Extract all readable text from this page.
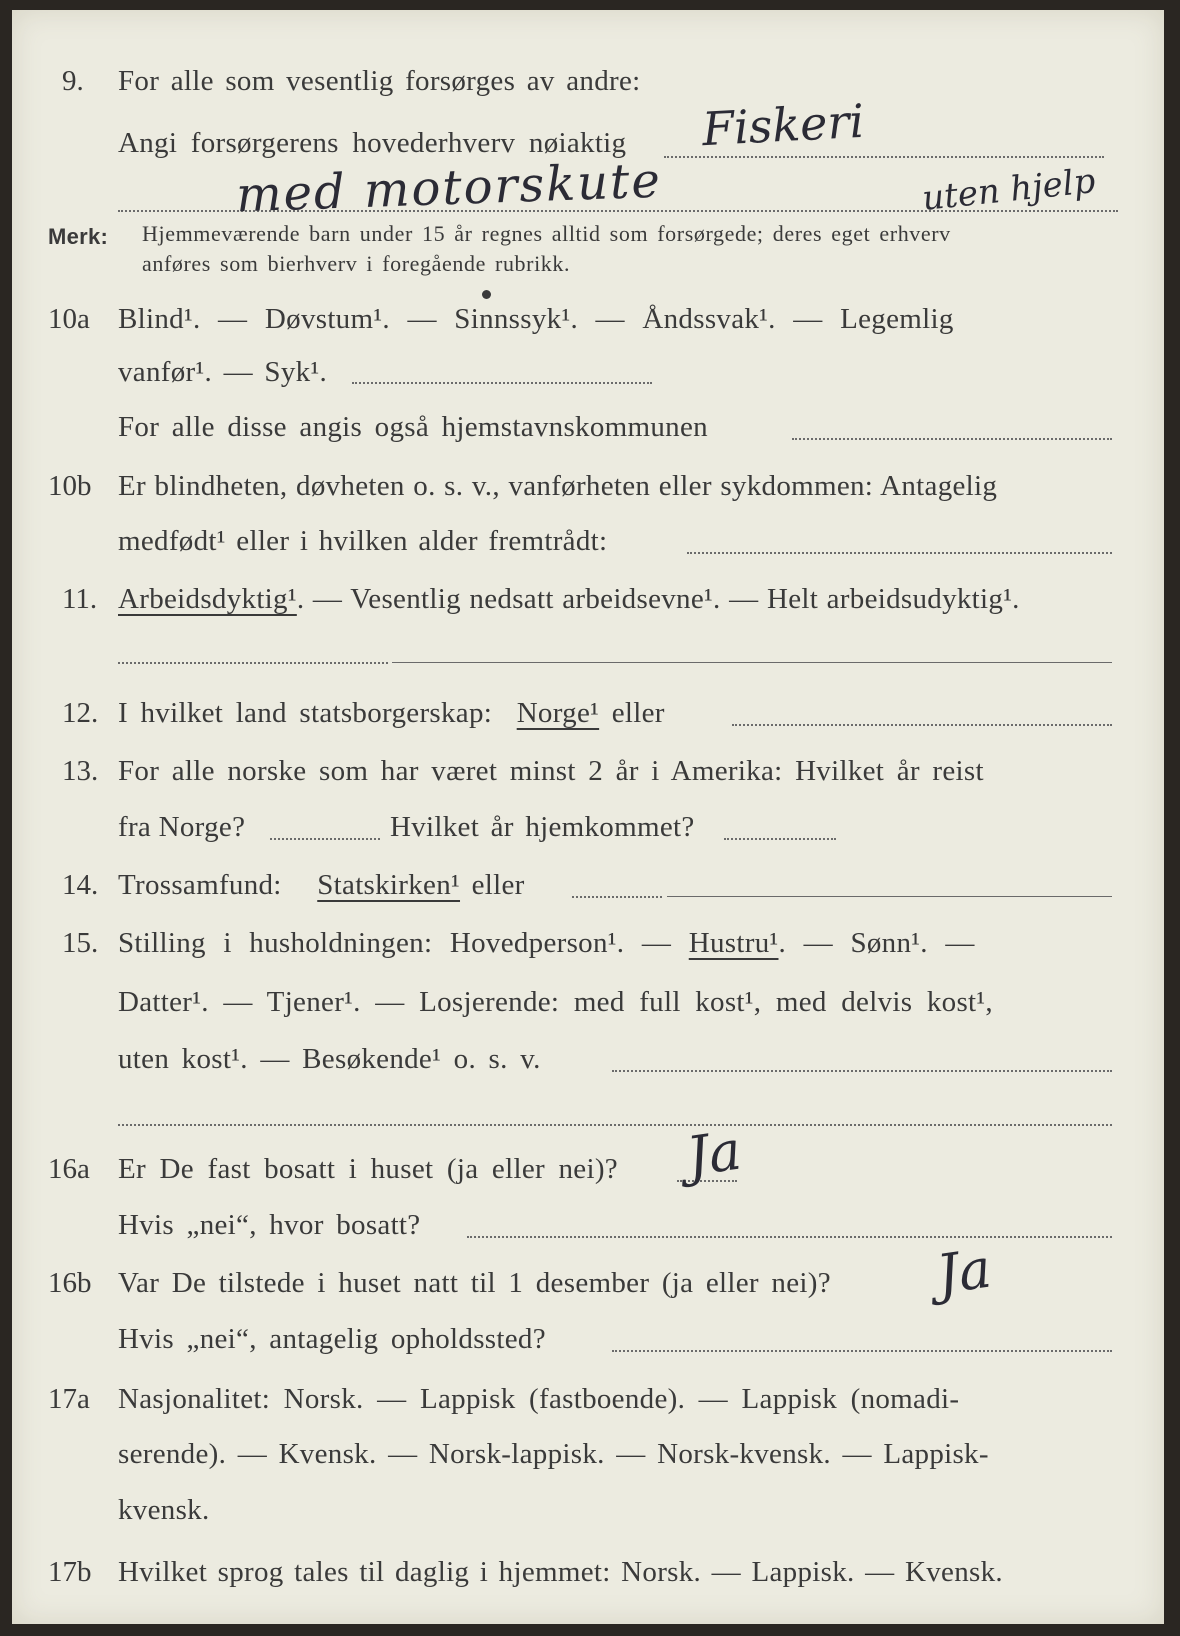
9. For alle som vesentlig forsørges av andre:
Angi forsørgerens hovederhverv nøiaktig Fiskeri
med motorskute	uten hjelp
Merk: Hjemmeværende barn under 15 år regnes alltid som forsørgede; deres eget erhverv
anføres som bierhverv i foregående rubrikk.
10a Blind¹. — Døvstum¹. — Sinnssyk¹. — Åndssvak¹. — Legemlig
vanfør¹. — Syk¹.
For alle disse angis også hjemstavnskommunen
10b Er blindheten, døvheten o. s. v., vanførheten eller sykdommen: Antagelig
medfødt¹ eller i hvilken alder fremtrådt:
11. Arbeidsdyktig¹. — Vesentlig nedsatt arbeidsevne¹. — Helt arbeidsudyktig¹.
12. I hvilket land statsborgerskap: Norge¹ eller
13. For alle norske som har været minst 2 år i Amerika: Hvilket år reist
fra Norge?	Hvilket år hjemkommet?
14. Trossamfund: Statskirken¹ eller
15. Stilling i husholdningen: Hovedperson¹. — Hustru¹. — Sønn¹. —
Datter¹. — Tjener¹. — Losjerende: med full kost¹, med delvis kost¹,
uten kost¹. — Besøkende¹ o. s. v.
16a Er De fast bosatt i huset (ja eller nei)? Ja
Hvis „nei“, hvor bosatt?
16b Var De tilstede i huset natt til 1 desember (ja eller nei)? Ja
Hvis „nei“, antagelig opholdssted?
17a Nasjonalitet: Norsk. — Lappisk (fastboende). — Lappisk (nomadi-
serende). — Kvensk. — Norsk-lappisk. — Norsk-kvensk. — Lappisk-
kvensk.
17b Hvilket sprog tales til daglig i hjemmet: Norsk. — Lappisk. — Kvensk.
